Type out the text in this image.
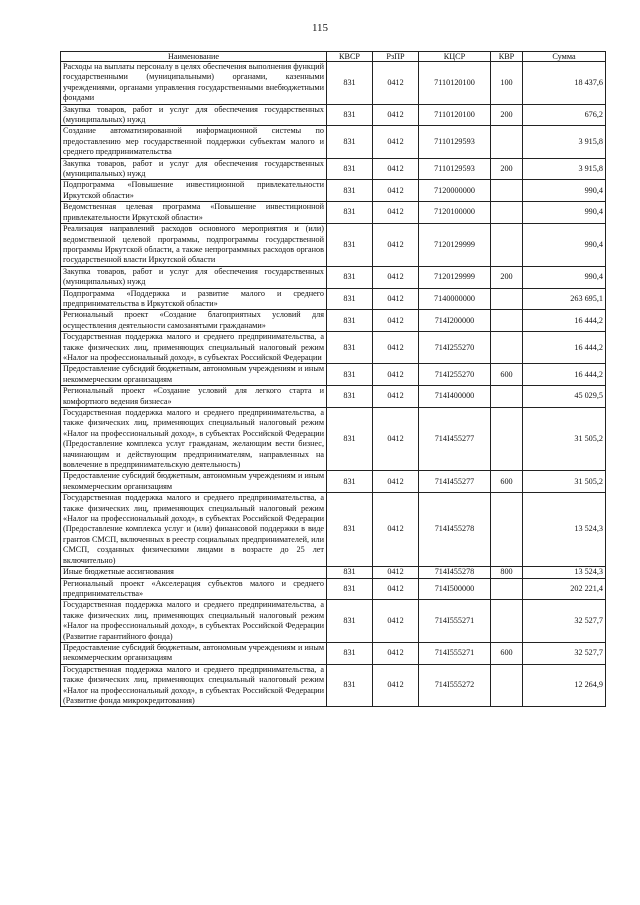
115
Наименование	КВСР	РзПР	КЦСР	КВР	Сумма
Расходы на выплаты персоналу в целях обеспечения выполнения функций государственными (муниципальными) органами, казенными учреждениями, органами управления государственными внебюджетными фондами	831	0412	7110120100	100	18 437,6
Закупка товаров, работ и услуг для обеспечения государственных (муниципальных) нужд	831	0412	7110120100	200	676,2
Создание автоматизированной информационной системы по предоставлению мер государственной поддержки субъектам малого и среднего предпринимательства	831	0412	7110129593		3 915,8
Закупка товаров, работ и услуг для обеспечения государственных (муниципальных) нужд	831	0412	7110129593	200	3 915,8
Подпрограмма «Повышение инвестиционной привлекательности Иркутской области»	831	0412	7120000000		990,4
Ведомственная целевая программа «Повышение инвестиционной привлекательности Иркутской области»	831	0412	7120100000		990,4
Реализация направлений расходов основного мероприятия и (или) ведомственной целевой программы, подпрограммы государственной программы Иркутской области, а также непрограммных расходов органов государственной власти Иркутской области	831	0412	7120129999		990,4
Закупка товаров, работ и услуг для обеспечения государственных (муниципальных) нужд	831	0412	7120129999	200	990,4
Подпрограмма «Поддержка и развитие малого и среднего предпринимательства в Иркутской области»	831	0412	7140000000		263 695,1
Региональный проект «Создание благоприятных условий для осуществления деятельности самозанятыми гражданами»	831	0412	714I200000		16 444,2
Государственная поддержка малого и среднего предпринимательства, а также физических лиц, применяющих специальный налоговый режим «Налог на профессиональный доход», в субъектах Российской Федерации	831	0412	714I255270		16 444,2
Предоставление субсидий бюджетным, автономным учреждениям и иным некоммерческим организациям	831	0412	714I255270	600	16 444,2
Региональный проект «Создание условий для легкого старта и комфортного ведения бизнеса»	831	0412	714I400000		45 029,5
Государственная поддержка малого и среднего предпринимательства, а также физических лиц, применяющих специальный налоговый режим «Налог на профессиональный доход», в субъектах Российской Федерации (Предоставление комплекса услуг гражданам, желающим вести бизнес, начинающим и действующим предпринимателям, направленных на вовлечение в предпринимательскую деятельность)	831	0412	714I455277		31 505,2
Предоставление субсидий бюджетным, автономным учреждениям и иным некоммерческим организациям	831	0412	714I455277	600	31 505,2
Государственная поддержка малого и среднего предпринимательства, а также физических лиц, применяющих специальный налоговый режим «Налог на профессиональный доход», в субъектах Российской Федерации (Предоставление комплекса услуг и (или) финансовой поддержки в виде грантов СМСП, включенных в реестр социальных предпринимателей, или СМСП, созданных физическими лицами в возрасте до 25 лет включительно)	831	0412	714I455278		13 524,3
Иные бюджетные ассигнования	831	0412	714I455278	800	13 524,3
Региональный проект «Акселерация субъектов малого и среднего предпринимательства»	831	0412	714I500000		202 221,4
Государственная поддержка малого и среднего предпринимательства, а также физических лиц, применяющих специальный налоговый режим «Налог на профессиональный доход», в субъектах Российской Федерации (Развитие гарантийного фонда)	831	0412	714I555271		32 527,7
Предоставление субсидий бюджетным, автономным учреждениям и иным некоммерческим организациям	831	0412	714I555271	600	32 527,7
Государственная поддержка малого и среднего предпринимательства, а также физических лиц, применяющих специальный налоговый режим «Налог на профессиональный доход», в субъектах Российской Федерации (Развитие фонда микрокредитования)	831	0412	714I555272		12 264,9
